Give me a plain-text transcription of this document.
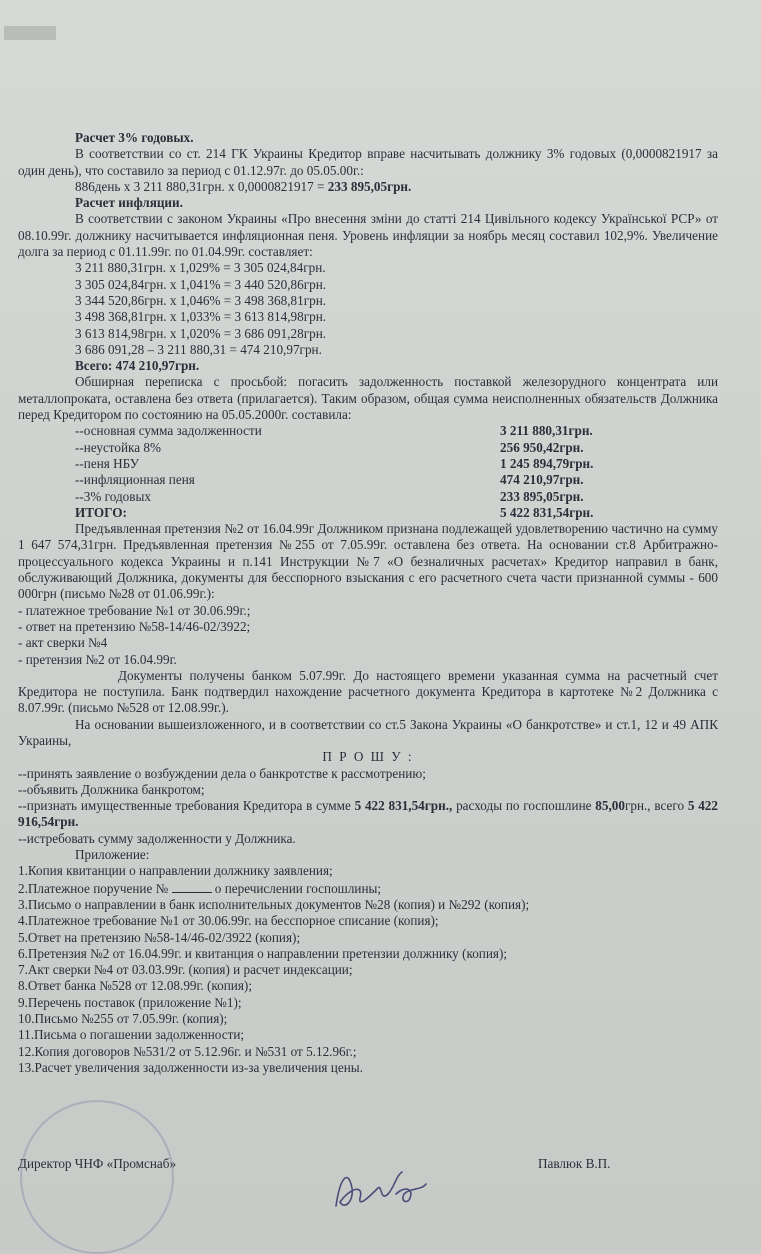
Расчет 3% годовых.

В соответствии со ст. 214 ГК Украины Кредитор вправе насчитывать должнику 3% годовых (0,0000821917 за один день), что составило за период с 01.12.97г. до 05.05.00г.:

886день х 3 211 880,31грн. х 0,0000821917 = 233 895,05грн.
Расчет инфляции.

В соответствии с законом Украины «Про внесення зміни до статті 214 Цивільного кодексу Української РСР» от 08.10.99г. должнику насчитывается инфляционная пеня. Уровень инфляции за ноябрь месяц составил 102,9%. Увеличение долга за период с 01.11.99г. по 01.04.99г. составляет:

3 211 880,31грн. х 1,029% = 3 305 024,84грн.
3 305 024,84грн. х 1,041% = 3 440 520,86грн.
3 344 520,86грн. х 1,046% = 3 498 368,81грн.
3 498 368,81грн. х 1,033% = 3 613 814,98грн.
3 613 814,98грн. х 1,020% = 3 686 091,28грн.
3 686 091,28 – 3 211 880,31 = 474 210,97грн.
Всего: 474 210,97грн.

Обширная переписка с просьбой: погасить задолженность поставкой железорудного концентрата или металлопроката, оставлена без ответа (прилагается). Таким образом, общая сумма неисполненных обязательств Должника перед Кредитором по состоянию на 05.05.2000г. составила:

--основная сумма задолженности	3 211 880,31грн.
--неустойка 8%	256 950,42грн.
--пеня НБУ	1 245 894,79грн.
--инфляционная пеня	474 210,97грн.
--3% годовых	233 895,05грн.
ИТОГО:	5 422 831,54грн.

Предъявленная претензия №2 от 16.04.99г Должником признана подлежащей удовлетворению частично на сумму 1 647 574,31грн. Предъявленная претензия №255 от 7.05.99г. оставлена без ответа. На основании ст.8 Арбитражно-процессуального кодекса Украины и п.141 Инструкции №7 «О безналичных расчетах» Кредитор направил в банк, обслуживающий Должника, документы для бесспорного взыскания с его расчетного счета части признанной суммы - 600 000грн (письмо №28 от 01.06.99г.):

- платежное требование №1 от 30.06.99г.;
- ответ на претензию №58-14/46-02/3922;
- акт сверки №4
- претензия №2 от 16.04.99г.

Документы получены банком 5.07.99г. До настоящего времени указанная сумма на расчетный счет Кредитора не поступила. Банк подтвердил нахождение расчетного документа Кредитора в картотеке №2 Должника с 8.07.99г. (письмо №528 от 12.08.99г.).

На основании вышеизложенного, и в соответствии со ст.5 Закона Украины «О банкротстве» и ст.1, 12 и 49 АПК Украины,

П Р О Ш У :
--принять заявление о возбуждении дела о банкротстве к рассмотрению;
--объявить Должника банкротом;

--признать имущественные требования Кредитора в сумме 5 422 831,54грн., расходы по госпошлине 85,00грн., всего 5 422 916,54грн.

--истребовать сумму задолженности у Должника.
Приложение:
1.Копия квитанции о направлении должнику заявления;
2.Платежное поручение №	о перечислении госпошлины;
3.Письмо о направлении в банк исполнительных документов №28 (копия) и №292 (копия);
4.Платежное требование №1 от 30.06.99г. на бесспорное списание (копия);
5.Ответ на претензию №58-14/46-02/3922 (копия);
6.Претензия №2 от 16.04.99г. и квитанция о направлении претензии должнику (копия);
7.Акт сверки №4 от 03.03.99г. (копия) и расчет индексации;
8.Ответ банка №528 от 12.08.99г. (копия);
9.Перечень поставок (приложение №1);
10.Письмо №255 от 7.05.99г. (копия);
11.Письма о погашении задолженности;
12.Копия договоров №531/2 от 5.12.96г. и №531 от 5.12.96г.;
13.Расчет увеличения задолженности из-за увеличения цены.
Директор ЧНФ «Промснаб»	Павлюк В.П.
